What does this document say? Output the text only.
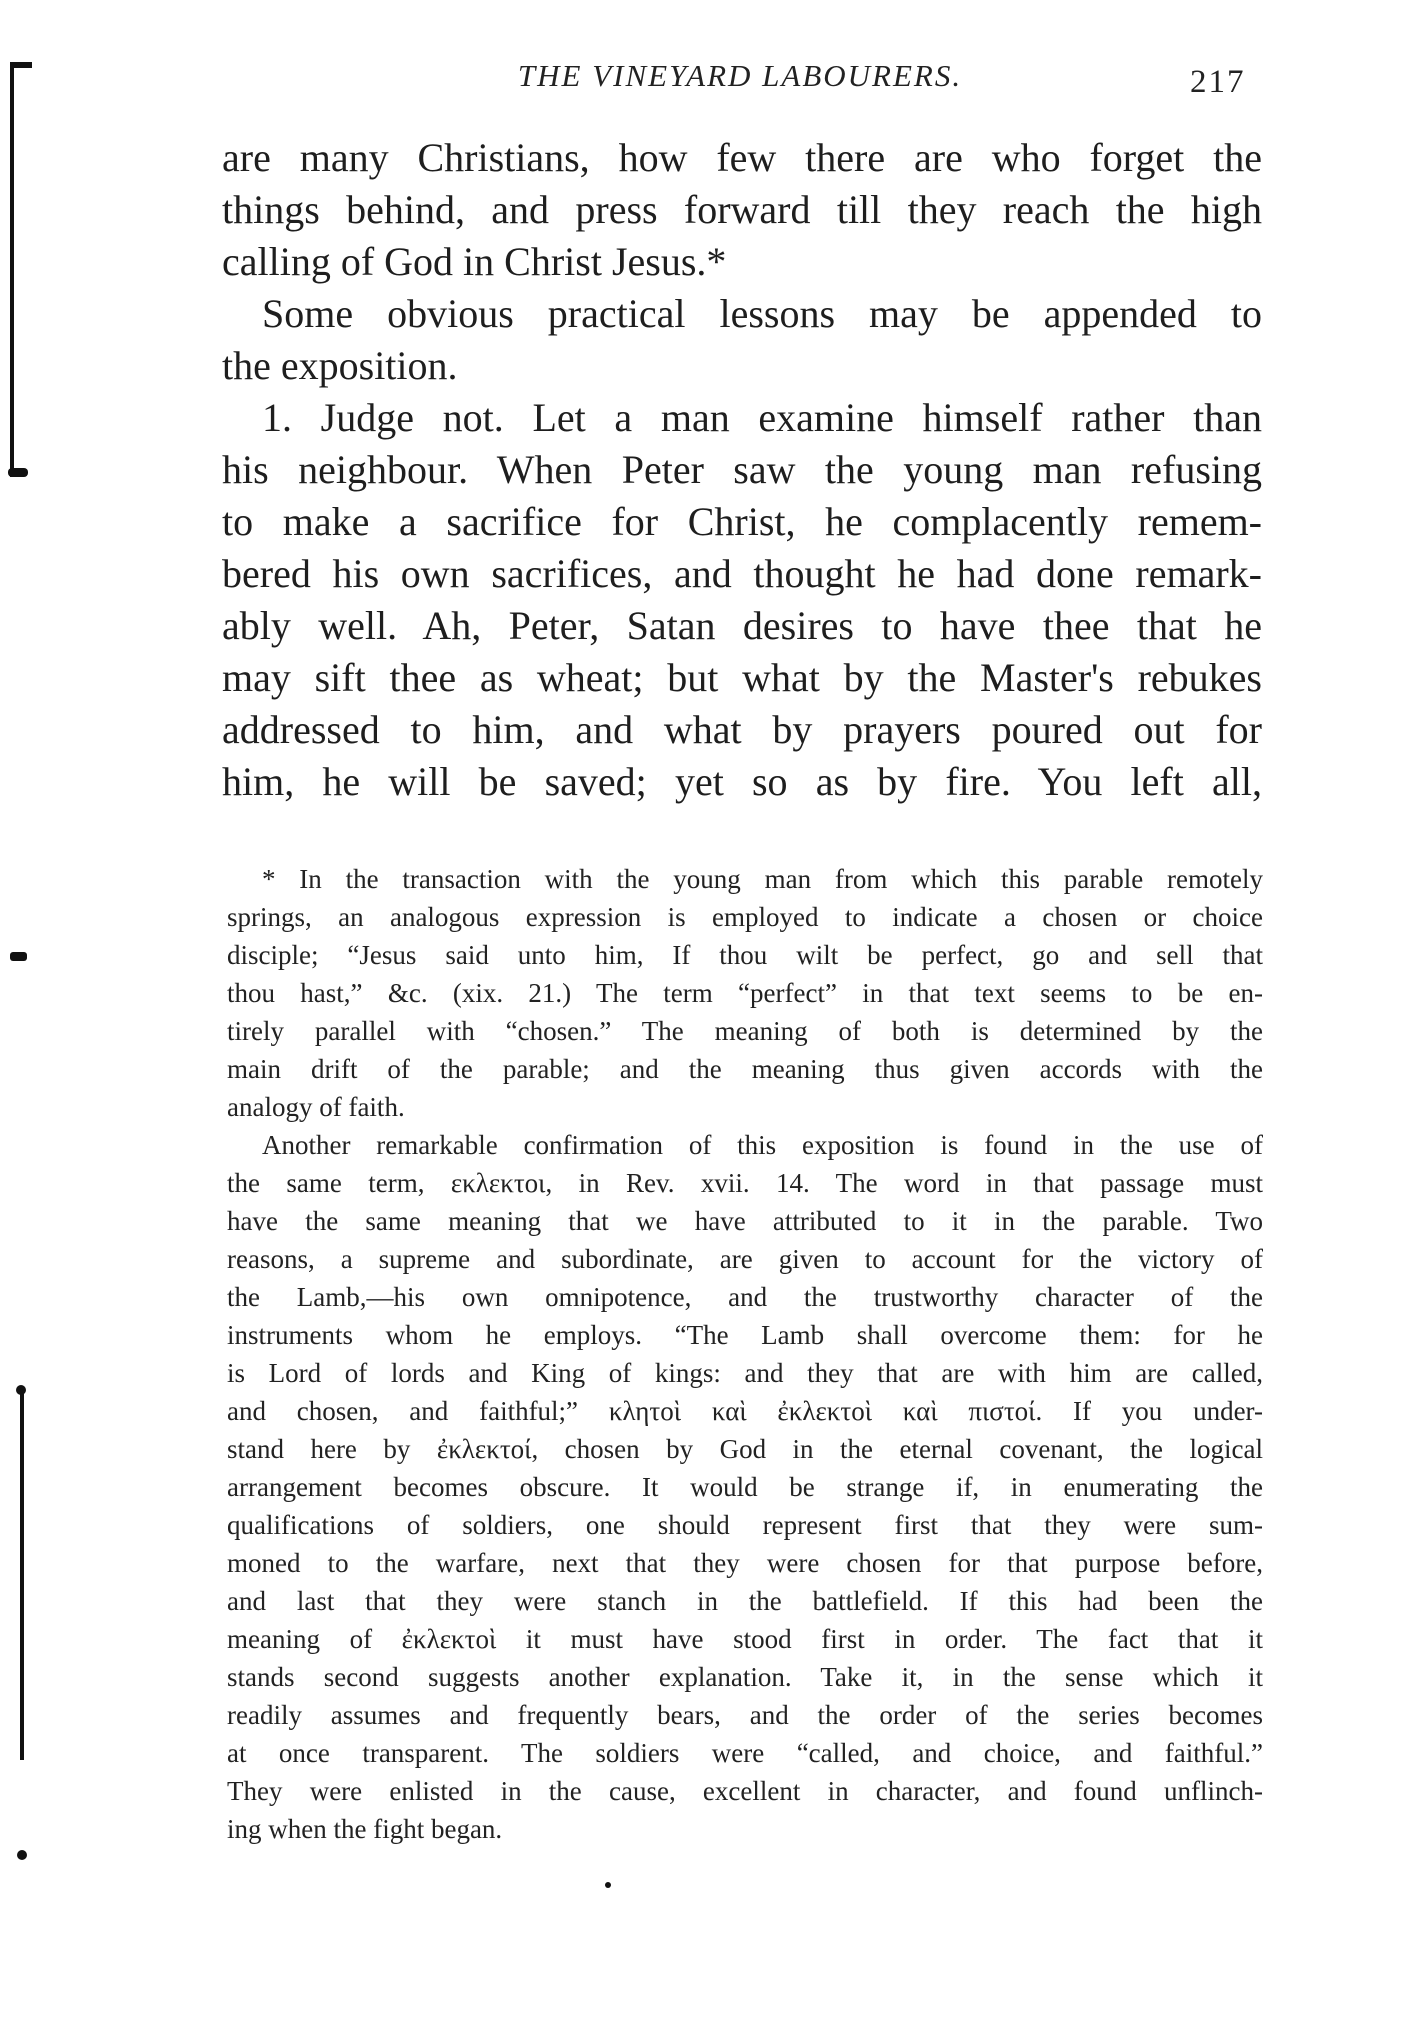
THE VINEYARD LABOURERS.	217
are many Christians, how few there are who forget the
things behind, and press forward till they reach the high
calling of God in Christ Jesus.*
Some obvious practical lessons may be appended to
the exposition.
1. Judge not. Let a man examine himself rather than
his neighbour. When Peter saw the young man refusing
to make a sacrifice for Christ, he complacently remem-
bered his own sacrifices, and thought he had done remark-
ably well. Ah, Peter, Satan desires to have thee that he
may sift thee as wheat; but what by the Master's rebukes
addressed to him, and what by prayers poured out for
him, he will be saved; yet so as by fire. You left all,
* In the transaction with the young man from which this parable remotely
springs, an analogous expression is employed to indicate a chosen or choice
disciple; “Jesus said unto him, If thou wilt be perfect, go and sell that
thou hast,” &c. (xix. 21.) The term “perfect” in that text seems to be en-
tirely parallel with “chosen.” The meaning of both is determined by the
main drift of the parable; and the meaning thus given accords with the
analogy of faith.
Another remarkable confirmation of this exposition is found in the use of
the same term, εκλεκτοι, in Rev. xvii. 14. The word in that passage must
have the same meaning that we have attributed to it in the parable. Two
reasons, a supreme and subordinate, are given to account for the victory of
the Lamb,—his own omnipotence, and the trustworthy character of the
instruments whom he employs. “The Lamb shall overcome them: for he
is Lord of lords and King of kings: and they that are with him are called,
and chosen, and faithful;” κλητοὶ καὶ ἐκλεκτοὶ καὶ πιστοί. If you under-
stand here by ἐκλεκτοί, chosen by God in the eternal covenant, the logical
arrangement becomes obscure. It would be strange if, in enumerating the
qualifications of soldiers, one should represent first that they were sum-
moned to the warfare, next that they were chosen for that purpose before,
and last that they were stanch in the battlefield. If this had been the
meaning of ἐκλεκτοὶ it must have stood first in order. The fact that it
stands second suggests another explanation. Take it, in the sense which it
readily assumes and frequently bears, and the order of the series becomes
at once transparent. The soldiers were “called, and choice, and faithful.”
They were enlisted in the cause, excellent in character, and found unflinch-
ing when the fight began.
